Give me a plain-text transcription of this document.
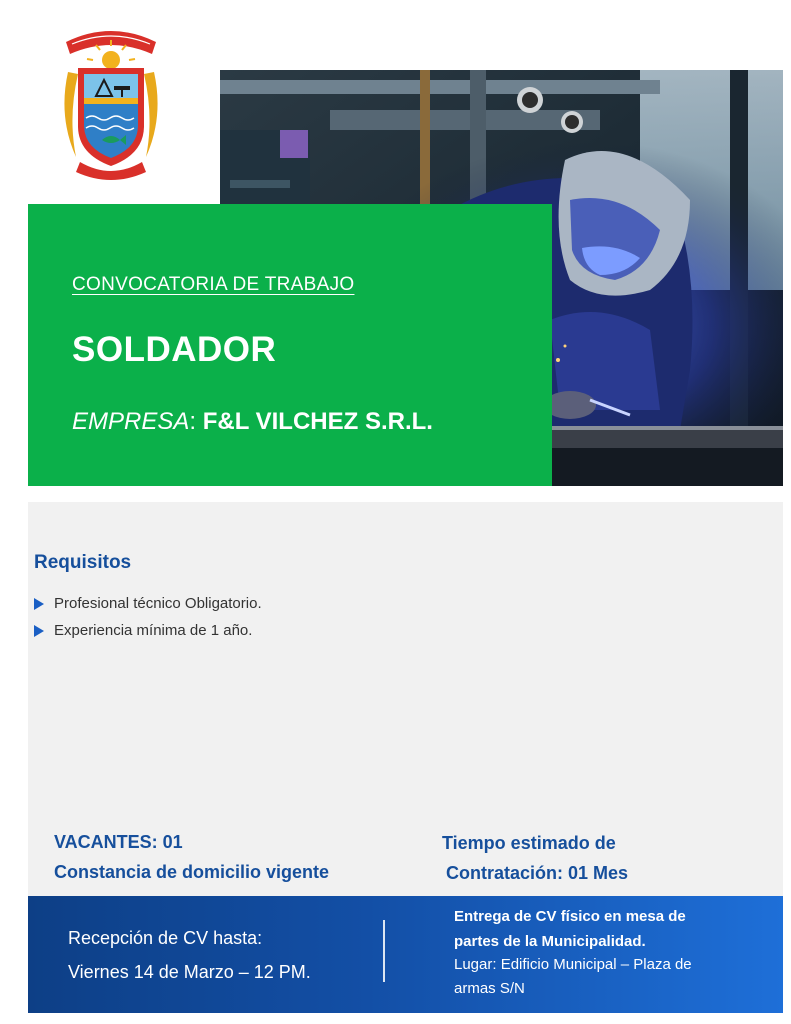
CONVOCATORIA DE TRABAJO
SOLDADOR
EMPRESA: F&L VILCHEZ S.R.L.
Requisitos
Profesional técnico Obligatorio.
Experiencia mínima de 1 año.
VACANTES: 01
Constancia de domicilio vigente
Tiempo estimado de
Contratación: 01 Mes
Recepción de CV hasta:
Viernes 14 de Marzo – 12 PM.
Entrega de CV físico en mesa de
partes de la Municipalidad.
Lugar: Edificio Municipal – Plaza de
armas S/N
